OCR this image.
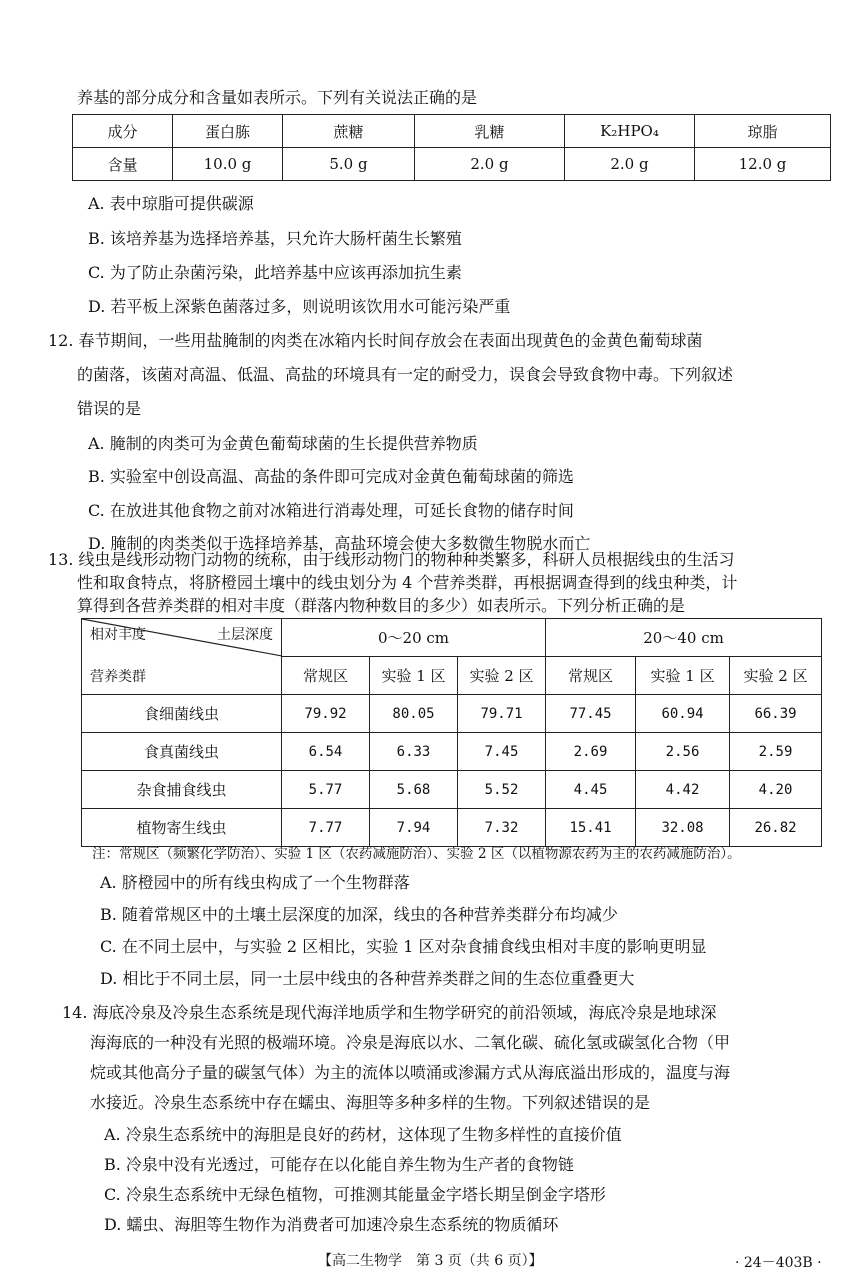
养基的部分成分和含量如表所示。下列有关说法正确的是
成分	蛋白胨	蔗糖	乳糖	K₂HPO₄	琼脂
含量	10.0 g	5.0 g	2.0 g	2.0 g	12.0 g
A. 表中琼脂可提供碳源
B. 该培养基为选择培养基，只允许大肠杆菌生长繁殖
C. 为了防止杂菌污染，此培养基中应该再添加抗生素
D. 若平板上深紫色菌落过多，则说明该饮用水可能污染严重
12. 春节期间，一些用盐腌制的肉类在冰箱内长时间存放会在表面出现黄色的金黄色葡萄球菌
的菌落，该菌对高温、低温、高盐的环境具有一定的耐受力，误食会导致食物中毒。下列叙述
错误的是
A. 腌制的肉类可为金黄色葡萄球菌的生长提供营养物质
B. 实验室中创设高温、高盐的条件即可完成对金黄色葡萄球菌的筛选
C. 在放进其他食物之前对冰箱进行消毒处理，可延长食物的储存时间
D. 腌制的肉类类似于选择培养基，高盐环境会使大多数微生物脱水而亡
13. 线虫是线形动物门动物的统称，由于线形动物门的物种种类繁多，科研人员根据线虫的生活习
性和取食特点，将脐橙园土壤中的线虫划分为 4 个营养类群，再根据调查得到的线虫种类，计
算得到各营养类群的相对丰度（群落内物种数目的多少）如表所示。下列分析正确的是
相对丰度 土层深度
营养类群	0～20 cm			20～40 cm		
	常规区	实验 1 区	实验 2 区	常规区	实验 1 区	实验 2 区
食细菌线虫	79.92	80.05	79.71	77.45	60.94	66.39
食真菌线虫	6.54	6.33	7.45	2.69	2.56	2.59
杂食捕食线虫	5.77	5.68	5.52	4.45	4.42	4.20
植物寄生线虫	7.77	7.94	7.32	15.41	32.08	26.82
注：常规区（频繁化学防治）、实验 1 区（农药减施防治）、实验 2 区（以植物源农药为主的农药减施防治）。
A. 脐橙园中的所有线虫构成了一个生物群落
B. 随着常规区中的土壤土层深度的加深，线虫的各种营养类群分布均减少
C. 在不同土层中，与实验 2 区相比，实验 1 区对杂食捕食线虫相对丰度的影响更明显
D. 相比于不同土层，同一土层中线虫的各种营养类群之间的生态位重叠更大
14. 海底冷泉及冷泉生态系统是现代海洋地质学和生物学研究的前沿领域，海底冷泉是地球深
海海底的一种没有光照的极端环境。冷泉是海底以水、二氧化碳、硫化氢或碳氢化合物（甲
烷或其他高分子量的碳氢气体）为主的流体以喷涌或渗漏方式从海底溢出形成的，温度与海
水接近。冷泉生态系统中存在蠕虫、海胆等多种多样的生物。下列叙述错误的是
A. 冷泉生态系统中的海胆是良好的药材，这体现了生物多样性的直接价值
B. 冷泉中没有光透过，可能存在以化能自养生物为生产者的食物链
C. 冷泉生态系统中无绿色植物，可推测其能量金字塔长期呈倒金字塔形
D. 蠕虫、海胆等生物作为消费者可加速冷泉生态系统的物质循环
【高二生物学　第 3 页（共 6 页）】	· 24－403B ·
